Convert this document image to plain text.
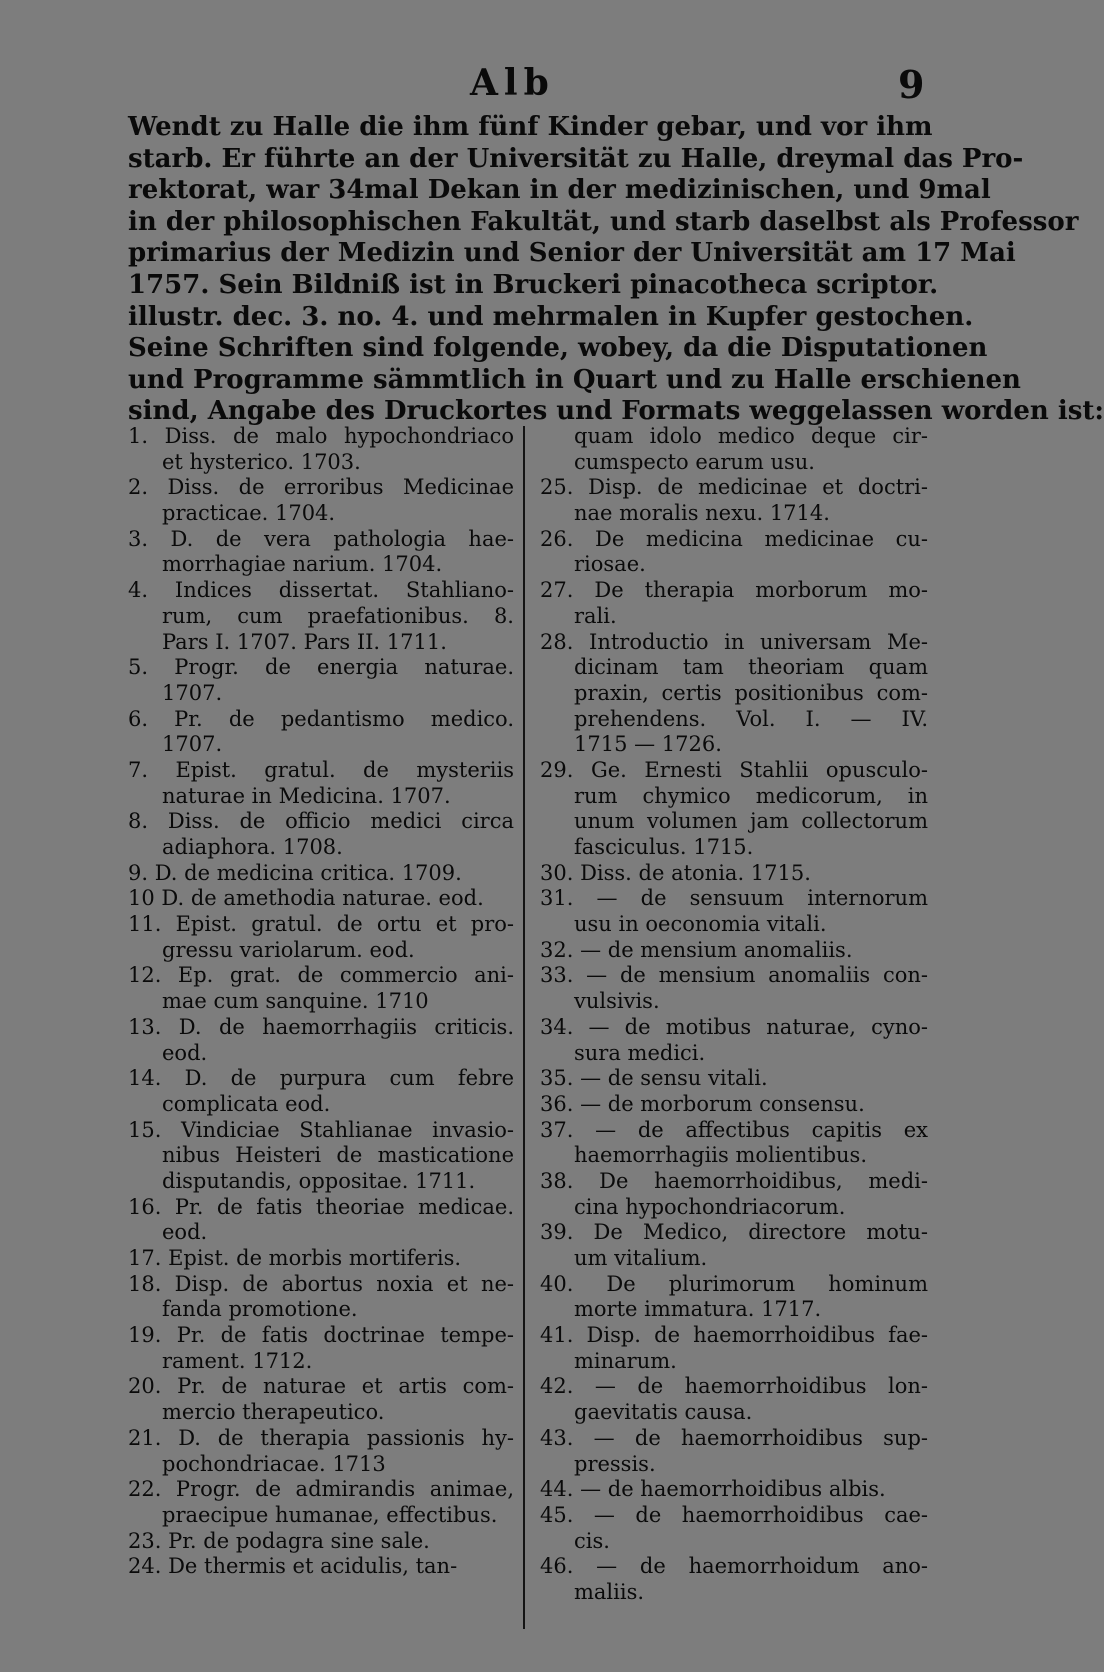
Alb	9
Wendt zu Halle die ihm fünf Kinder gebar, und vor ihm
starb. Er führte an der Universität zu Halle, dreymal das Pro-
rektorat, war 34mal Dekan in der medizinischen, und 9mal
in der philosophischen Fakultät, und starb daselbst als Professor
primarius der Medizin und Senior der Universität am 17 Mai
1757. Sein Bildniß ist in Bruckeri pinacotheca scriptor.
illustr. dec. 3. no. 4. und mehrmalen in Kupfer gestochen.
Seine Schriften sind folgende, wobey, da die Disputationen
und Programme sämmtlich in Quart und zu Halle erschienen
sind, Angabe des Druckortes und Formats weggelassen worden ist:
1. Diss. de malo hypochondriaco
et hysterico. 1703.
2. Diss. de erroribus Medicinae
practicae. 1704.
3. D. de vera pathologia hae-
morrhagiae narium. 1704.
4. Indices dissertat. Stahliano-
rum, cum praefationibus. 8.
Pars I. 1707. Pars II. 1711.
5. Progr. de energia naturae.
1707.
6. Pr. de pedantismo medico.
1707.
7. Epist. gratul. de mysteriis
naturae in Medicina. 1707.
8. Diss. de officio medici circa
adiaphora. 1708.
9. D. de medicina critica. 1709.
10 D. de amethodia naturae. eod.
11. Epist. gratul. de ortu et pro-
gressu variolarum. eod.
12. Ep. grat. de commercio ani-
mae cum sanquine. 1710
13. D. de haemorrhagiis criticis.
eod.
14. D. de purpura cum febre
complicata eod.
15. Vindiciae Stahlianae invasio-
nibus Heisteri de masticatione
disputandis, oppositae. 1711.
16. Pr. de fatis theoriae medicae.
eod.
17. Epist. de morbis mortiferis.
18. Disp. de abortus noxia et ne-
fanda promotione.
19. Pr. de fatis doctrinae tempe-
rament. 1712.
20. Pr. de naturae et artis com-
mercio therapeutico.
21. D. de therapia passionis hy-
pochondriacae. 1713
22. Progr. de admirandis animae,
praecipue humanae, effectibus.
23. Pr. de podagra sine sale.
24. De thermis et acidulis, tan-
quam idolo medico deque cir-
cumspecto earum usu.
25. Disp. de medicinae et doctri-
nae moralis nexu. 1714.
26. De medicina medicinae cu-
riosae.
27. De therapia morborum mo-
rali.
28. Introductio in universam Me-
dicinam tam theoriam quam
praxin, certis positionibus com-
prehendens. Vol. I. — IV.
1715 — 1726.
29. Ge. Ernesti Stahlii opusculo-
rum chymico medicorum, in
unum volumen jam collectorum
fasciculus. 1715.
30. Diss. de atonia. 1715.
31. — de sensuum internorum
usu in oeconomia vitali.
32. — de mensium anomaliis.
33. — de mensium anomaliis con-
vulsivis.
34. — de motibus naturae, cyno-
sura medici.
35. — de sensu vitali.
36. — de morborum consensu.
37. — de affectibus capitis ex
haemorrhagiis molientibus.
38. De haemorrhoidibus, medi-
cina hypochondriacorum.
39. De Medico, directore motu-
um vitalium.
40. De plurimorum hominum
morte immatura. 1717.
41. Disp. de haemorrhoidibus fae-
minarum.
42. — de haemorrhoidibus lon-
gaevitatis causa.
43. — de haemorrhoidibus sup-
pressis.
44. — de haemorrhoidibus albis.
45. — de haemorrhoidibus cae-
cis.
46. — de haemorrhoidum ano-
maliis.
